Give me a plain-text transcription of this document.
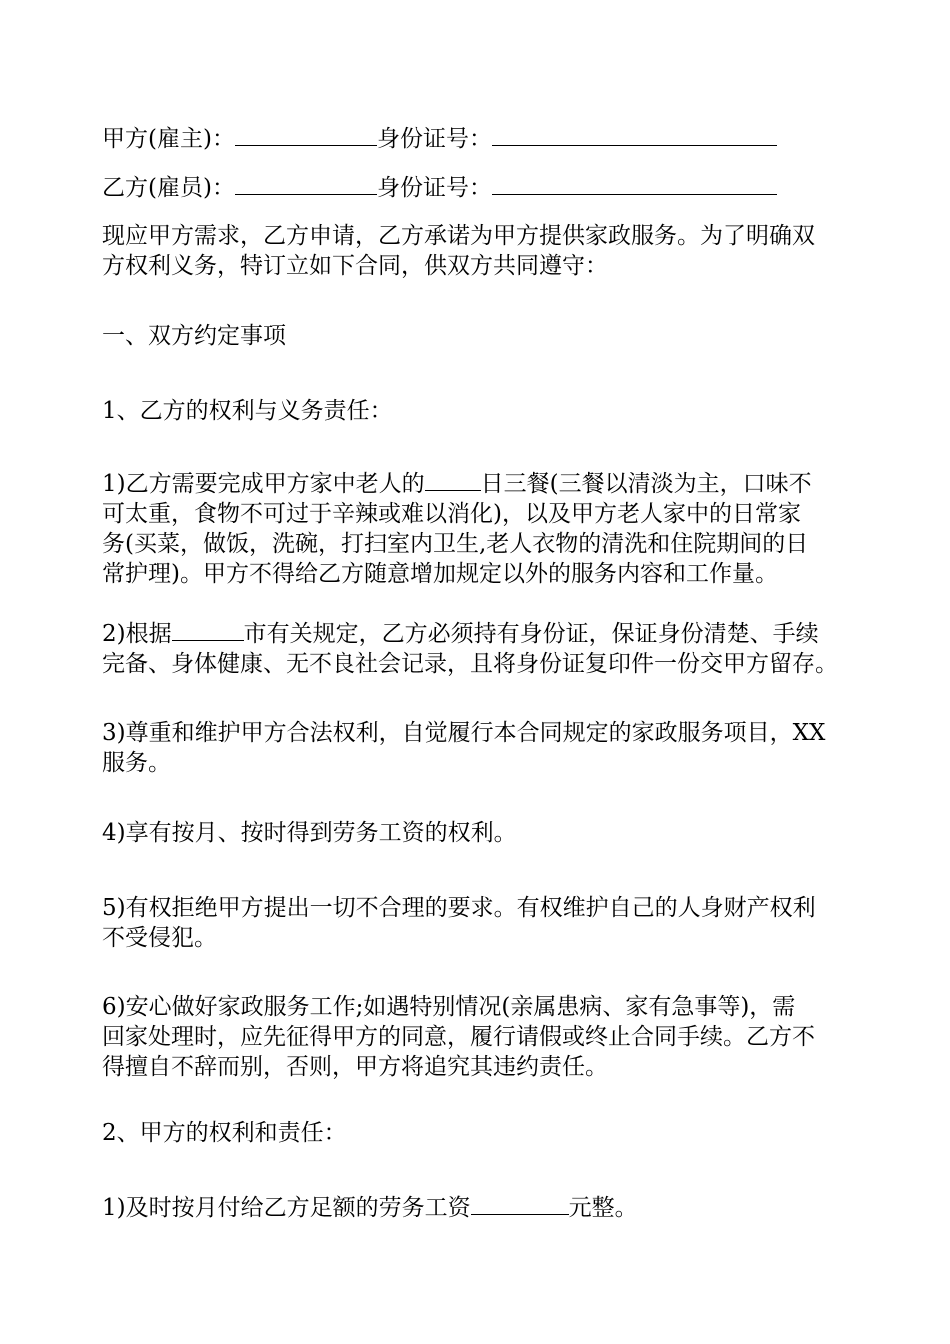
甲方(雇主)：	身份证号：
乙方(雇员)：	身份证号：
现应甲方需求，乙方申请，乙方承诺为甲方提供家政服务。为了明确双
方权利义务，特订立如下合同，供双方共同遵守：
一、双方约定事项
1、乙方的权利与义务责任：
1)乙方需要完成甲方家中老人的 日三餐(三餐以清淡为主，口味不
可太重，食物不可过于辛辣或难以消化)，以及甲方老人家中的日常家
务(买菜，做饭，洗碗，打扫室内卫生,老人衣物的清洗和住院期间的日
常护理)。甲方不得给乙方随意增加规定以外的服务内容和工作量。
2)根据	市有关规定，乙方必须持有身份证，保证身份清楚、手续
完备、身体健康、无不良社会记录，且将身份证复印件一份交甲方留存。
3)尊重和维护甲方合法权利，自觉履行本合同规定的家政服务项目，XX
服务。
4)享有按月、按时得到劳务工资的权利。
5)有权拒绝甲方提出一切不合理的要求。有权维护自己的人身财产权利
不受侵犯。
6)安心做好家政服务工作;如遇特别情况(亲属患病、家有急事等)，需
回家处理时，应先征得甲方的同意，履行请假或终止合同手续。乙方不
得擅自不辞而别，否则，甲方将追究其违约责任。
2、甲方的权利和责任：
1)及时按月付给乙方足额的劳务工资	元整。
